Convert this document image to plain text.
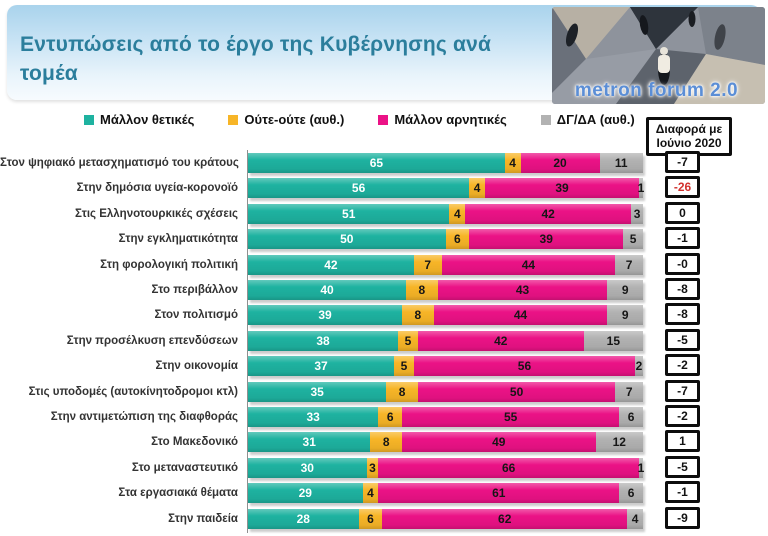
Εντυπώσεις από το έργο της Κυβέρνησης ανά τομέα
metron forum 2.0
Μάλλον θετικές	Ούτε-ούτε (αυθ.)	Μάλλον αρνητικές	ΔΓ/ΔΑ (αυθ.)
Διαφορά με Ιούνιο 2020
Στον ψηφιακό μετασχηματισμό του κράτους	65	4	20	11	-7
Στην δημόσια υγεία-κορονοϊό	56	4	39	1	-26
Στις Ελληνοτουρκικές σχέσεις	51	4	42	3	0
Στην εγκληματικότητα	50	6	39	5	-1
Στη φορολογική πολιτική	42	7	44	7	-0
Στο περιβάλλον	40	8	43	9	-8
Στον πολιτισμό	39	8	44	9	-8
Στην προσέλκυση επενδύσεων	38	5	42	15	-5
Στην οικονομία	37	5	56	2	-2
Στις υποδομές (αυτοκίνητοδρομοι κτλ)	35	8	50	7	-7
Στην αντιμετώπιση της διαφθοράς	33	6	55	6	-2
Στο Μακεδονικό	31	8	49	12	1
Στο μεταναστευτικό	30	3	66	1	-5
Στα εργασιακά θέματα	29	4	61	6	-1
Στην παιδεία	28	6	62	4	-9
